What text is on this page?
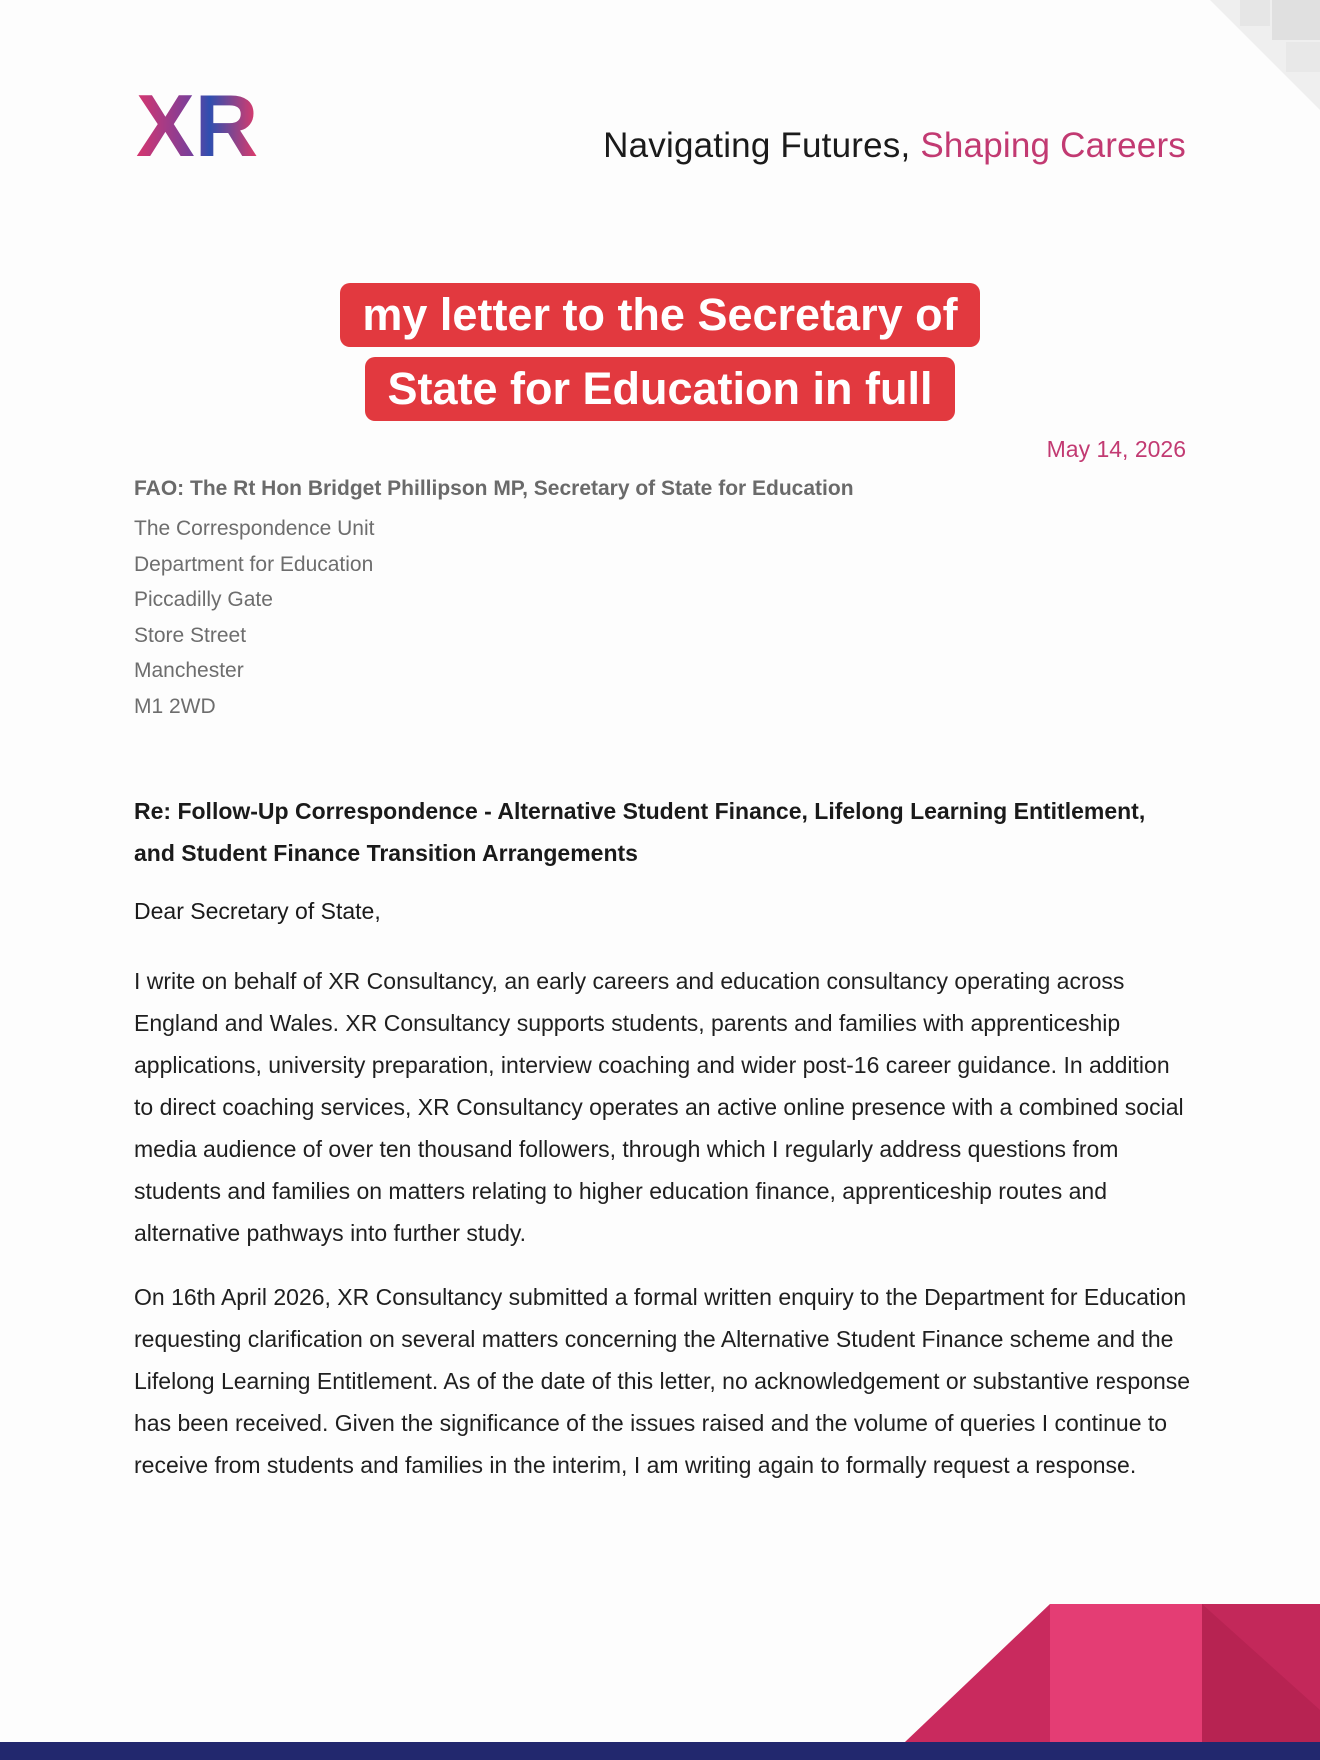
XR	Navigating Futures, Shaping Careers
my letter to the Secretary of
State for Education in full
May 14, 2026
FAO: The Rt Hon Bridget Phillipson MP, Secretary of State for Education
The Correspondence Unit
Department for Education
Piccadilly Gate
Store Street
Manchester
M1 2WD
Re: Follow-Up Correspondence - Alternative Student Finance, Lifelong Learning Entitlement,
and Student Finance Transition Arrangements
Dear Secretary of State,

I write on behalf of XR Consultancy, an early careers and education consultancy operating across England and Wales. XR Consultancy supports students, parents and families with apprenticeship applications, university preparation, interview coaching and wider post-16 career guidance. In addition to direct coaching services, XR Consultancy operates an active online presence with a combined social media audience of over ten thousand followers, through which I regularly address questions from students and families on matters relating to higher education finance, apprenticeship routes and alternative pathways into further study.

On 16th April 2026, XR Consultancy submitted a formal written enquiry to the Department for Education requesting clarification on several matters concerning the Alternative Student Finance scheme and the Lifelong Learning Entitlement. As of the date of this letter, no acknowledgement or substantive response has been received. Given the significance of the issues raised and the volume of queries I continue to receive from students and families in the interim, I am writing again to formally request a response.
